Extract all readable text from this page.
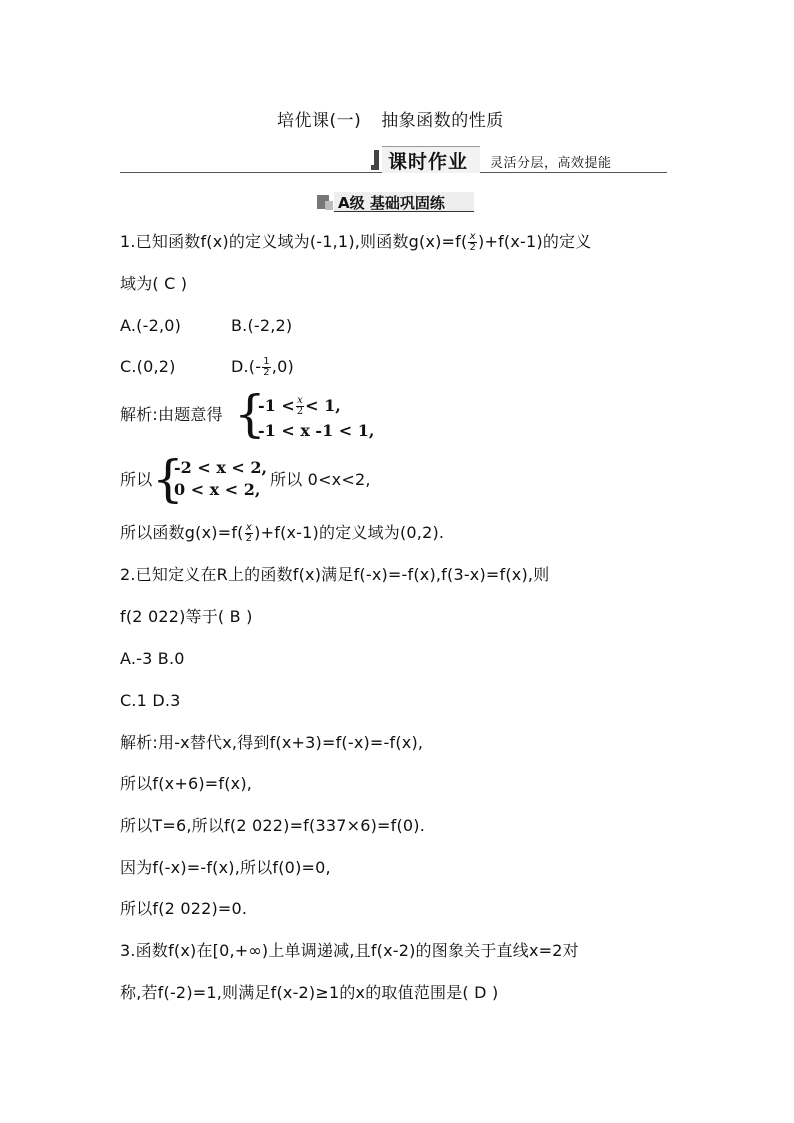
培优课(一) 抽象函数的性质
课时作业 灵活分层，高效提能
A级 基础巩固练
1.已知函数f(x)的定义域为(-1,1),则函数$g(x)=f( \frac{x}{2} )+f(x-1)$的定义
域为( C )
A.(-2,0)	B.(-2,2)
C.(0,2)	$D.(- \frac{1}{2} ,0)$
解析:由题意得 {
$-1 < \frac{x}{2} < 1$,
-1 < x -1 < 1,
所以 {
-2 < x < 2,
0 < x < 2,
所以 0<x<2,
所以函数$g(x)=f( \frac{x}{2} )+f(x-1)$的定义域为(0,2).
2.已知定义在R上的函数f(x)满足f(-x)=-f(x),f(3-x)=f(x),则
f(2 022)等于( B )
A.-3 B.0
C.1 D.3
解析:用-x替代x,得到f(x+3)=f(-x)=-f(x),
所以f(x+6)=f(x),
所以T=6,所以f(2 022)=f(337×6)=f(0).
因为f(-x)=-f(x),所以f(0)=0,
所以f(2 022)=0.
3.函数f(x)在[0,+∞)上单调递减,且f(x-2)的图象关于直线x=2对
称,若f(-2)=1,则满足f(x-2)≥1的x的取值范围是( D )
